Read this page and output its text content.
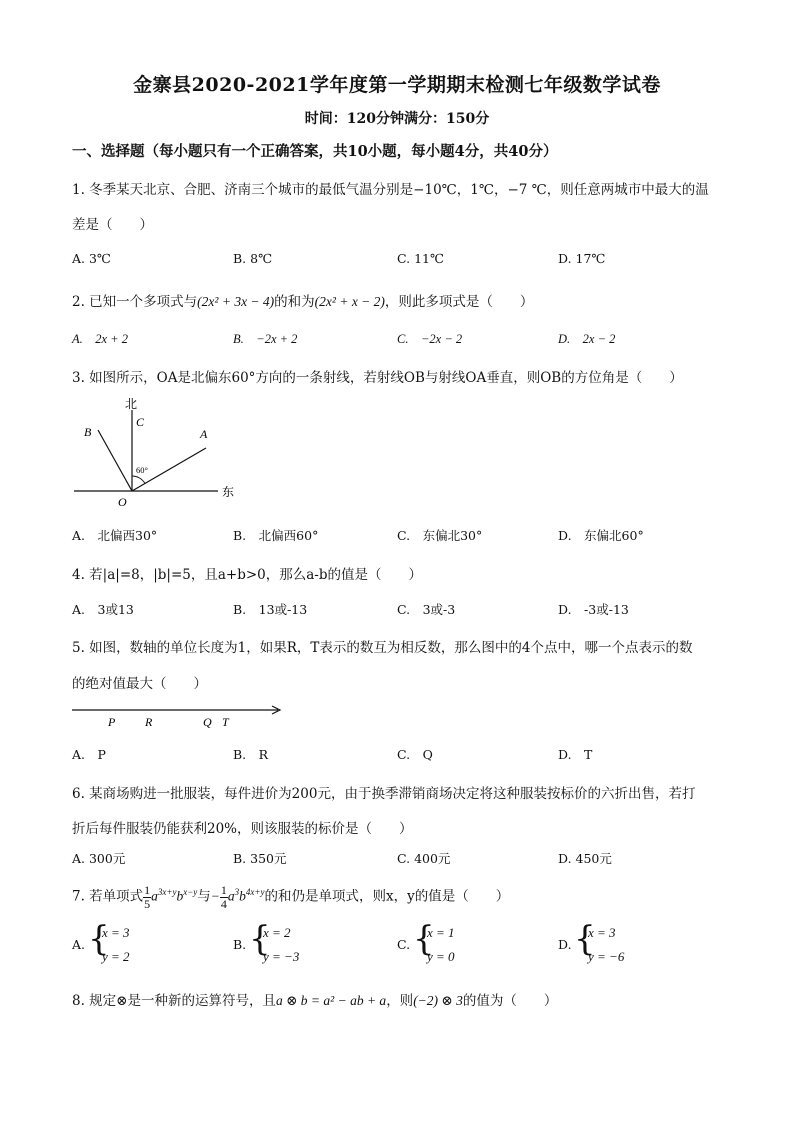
金寨县2020-2021学年度第一学期期末检测七年级数学试卷
时间：120分钟满分：150分
一、选择题（每小题只有一个正确答案，共10小题，每小题4分，共40分）
1. 冬季某天北京、合肥、济南三个城市的最低气温分别是−10℃，1℃，−7 ℃，则任意两城市中最大的温
差是（　　）
A. 3℃	B. 8℃	C. 11℃	D. 17℃
2. 已知一个多项式与(2x² + 3x − 4)的和为(2x² + x − 2)，则此多项式是（　　）
A.　2x + 2	B.　−2x + 2	C.　−2x − 2	D.　2x − 2
3. 如图所示，OA是北偏东60°方向的一条射线，若射线OB与射线OA垂直，则OB的方位角是（　　）
北
东
B
C
A
O
60°
A.　北偏西30°	B.　北偏西60°	C.　东偏北30°	D.　东偏北60°
4. 若|a|=8，|b|=5，且a+b>0，那么a-b的值是（　　）
A.　3或13	B.　13或-13	C.　3或-3	D.　-3或-13
5. 如图，数轴的单位长度为1，如果R，T表示的数互为相反数，那么图中的4个点中，哪一个点表示的数
的绝对值最大（　　）
P R	Q T
A.　P	B.　R	C.　Q	D.　T
6. 某商场购进一批服装，每件进价为200元，由于换季滞销商场决定将这种服装按标价的六折出售，若打
折后每件服装仍能获利20%，则该服装的标价是（　　）
A. 300元	B. 350元	C. 400元	D. 450元
7. 若单项式 $\frac{1}{5} a^{3x+y}b^{x-y}$与− $\frac{1}{4} a^3b^{4x+y}$的和仍是单项式，则x，y的值是（　　）
A. {
x = 3
y = 2
B. {
x = 2
y = −3
C. {
x = 1
y = 0
D. {
x = 3
y = −6
8. 规定⊗是一种新的运算符号，且a ⊗ b = a² − ab + a，则(−2) ⊗ 3的值为（　　）
